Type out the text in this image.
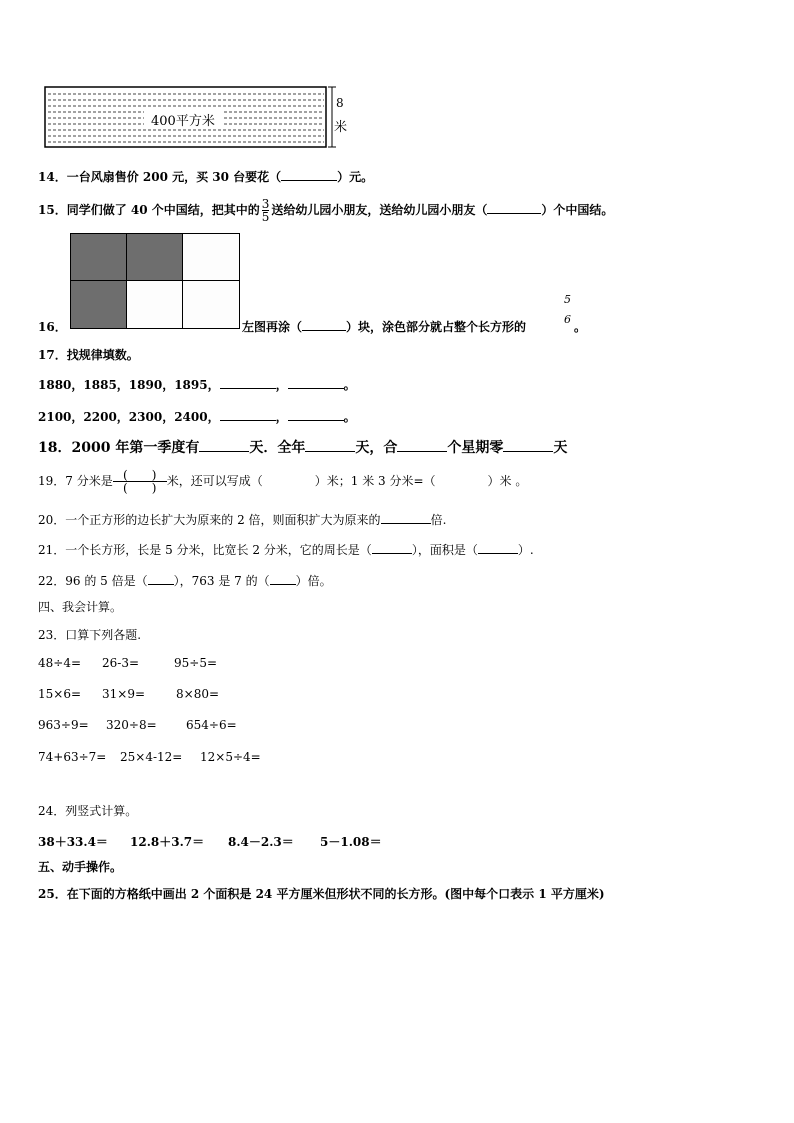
400平方米
8
米
14．一台风扇售价 200 元，买 30 台要花（	）元。
15．同学们做了 40 个中国结，把其中的 $\frac{3}{5}$ 送给幼儿园小朋友，送给幼儿园小朋友（	）个中国结。
16．	左图再涂（	）块，涂色部分就占整个长方形的
5
6
。
17．找规律填数。
1880，1885，1890，1895，	，	。
2100，2200，2300，2400，	，	。
18．2000 年第一季度有	天．全年	天，合	个星期零	天
19．7 分米是 $\frac{( )}{( )}$ 米，还可以写成（	）米；1 米 3 分米=（	）米 。
20．一个正方形的边长扩大为原来的 2 倍，则面积扩大为原来的	倍.
21．一个长方形，长是 5 分米，比宽长 2 分米，它的周长是（	），面积是（	）.
22．96 的 5 倍是（ ），763 是 7 的（ ）倍。
四、我会计算。
23．口算下列各题.
48÷4= 26-3=	95÷5=
15×6= 31×9=	8×80=
963÷9= 320÷8= 654÷6=
74+63÷7= 25×4-12= 12×5÷4=
24．列竖式计算。
38＋33.4＝ 12.8＋3.7＝ 8.4－2.3＝ 5－1.08＝
五、动手操作。
25．在下面的方格纸中画出 2 个面积是 24 平方厘米但形状不同的长方形。(图中每个口表示 1 平方厘米)
